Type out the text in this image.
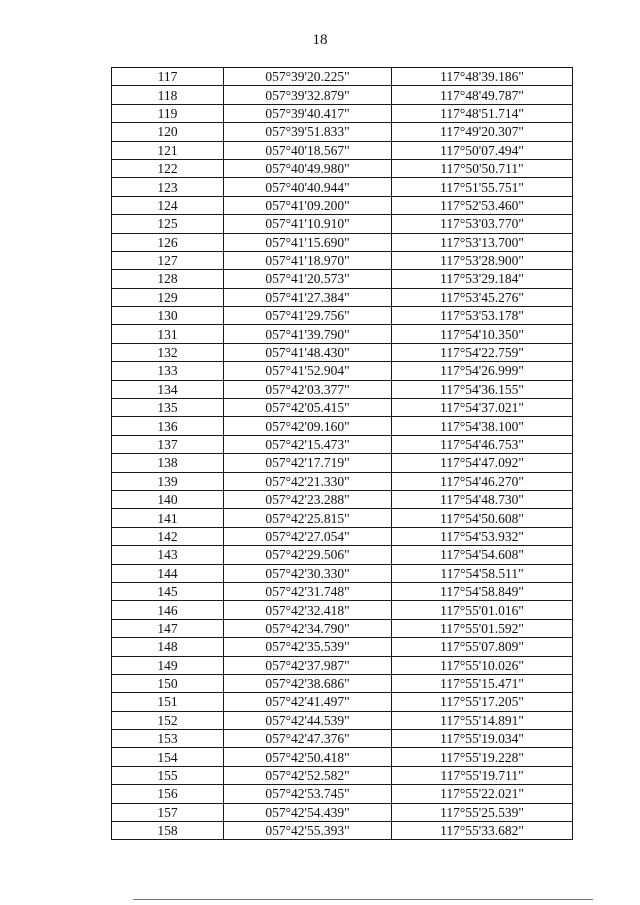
18
117	057°39'20.225"	117°48'39.186"
118	057°39'32.879"	117°48'49.787"
119	057°39'40.417"	117°48'51.714"
120	057°39'51.833"	117°49'20.307"
121	057°40'18.567"	117°50'07.494"
122	057°40'49.980"	117°50'50.711"
123	057°40'40.944"	117°51'55.751"
124	057°41'09.200"	117°52'53.460"
125	057°41'10.910"	117°53'03.770"
126	057°41'15.690"	117°53'13.700"
127	057°41'18.970"	117°53'28.900"
128	057°41'20.573"	117°53'29.184"
129	057°41'27.384"	117°53'45.276"
130	057°41'29.756"	117°53'53.178"
131	057°41'39.790"	117°54'10.350"
132	057°41'48.430"	117°54'22.759"
133	057°41'52.904"	117°54'26.999"
134	057°42'03.377"	117°54'36.155"
135	057°42'05.415"	117°54'37.021"
136	057°42'09.160"	117°54'38.100"
137	057°42'15.473"	117°54'46.753"
138	057°42'17.719"	117°54'47.092"
139	057°42'21.330"	117°54'46.270"
140	057°42'23.288"	117°54'48.730"
141	057°42'25.815"	117°54'50.608"
142	057°42'27.054"	117°54'53.932"
143	057°42'29.506"	117°54'54.608"
144	057°42'30.330"	117°54'58.511"
145	057°42'31.748"	117°54'58.849"
146	057°42'32.418"	117°55'01.016"
147	057°42'34.790"	117°55'01.592"
148	057°42'35.539"	117°55'07.809"
149	057°42'37.987"	117°55'10.026"
150	057°42'38.686"	117°55'15.471"
151	057°42'41.497"	117°55'17.205"
152	057°42'44.539"	117°55'14.891"
153	057°42'47.376"	117°55'19.034"
154	057°42'50.418"	117°55'19.228"
155	057°42'52.582"	117°55'19.711"
156	057°42'53.745"	117°55'22.021"
157	057°42'54.439"	117°55'25.539"
158	057°42'55.393"	117°55'33.682"
